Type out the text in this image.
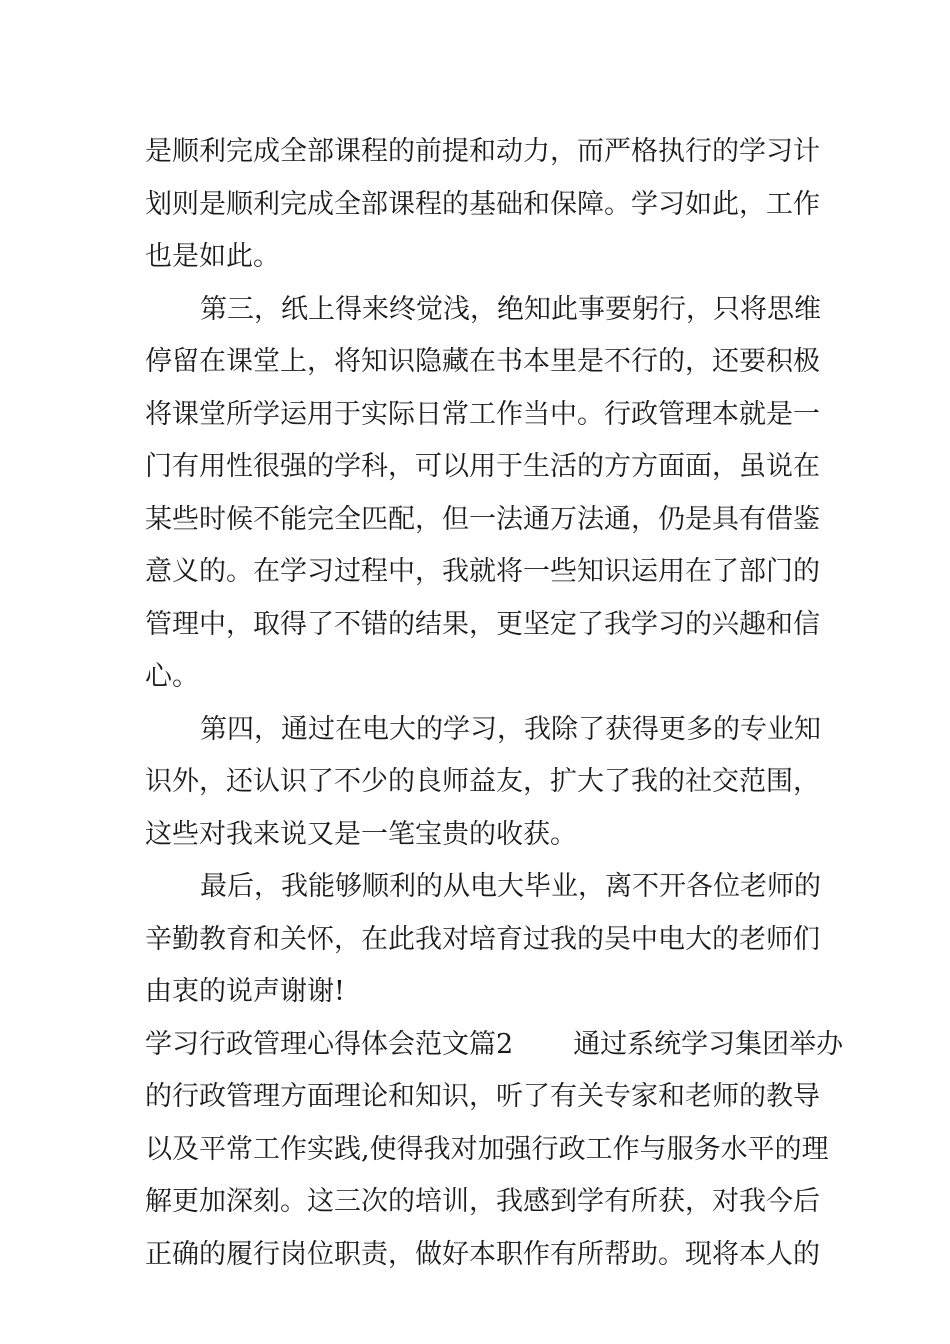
是顺利完成全部课程的前提和动力，而严格执行的学习计
划则是顺利完成全部课程的基础和保障。学习如此，工作
也是如此。
第三，纸上得来终觉浅，绝知此事要躬行，只将思维
停留在课堂上，将知识隐藏在书本里是不行的，还要积极
将课堂所学运用于实际日常工作当中。行政管理本就是一
门有用性很强的学科，可以用于生活的方方面面，虽说在
某些时候不能完全匹配，但一法通万法通，仍是具有借鉴
意义的。在学习过程中，我就将一些知识运用在了部门的
管理中，取得了不错的结果，更坚定了我学习的兴趣和信
心。
第四，通过在电大的学习，我除了获得更多的专业知
识外，还认识了不少的良师益友，扩大了我的社交范围，
这些对我来说又是一笔宝贵的收获。
最后，我能够顺利的从电大毕业，离不开各位老师的
辛勤教育和关怀，在此我对培育过我的吴中电大的老师们
由衷的说声谢谢!
学习行政管理心得体会范文篇2 通过系统学习集团举办
的行政管理方面理论和知识，听了有关专家和老师的教导
以及平常工作实践,使得我对加强行政工作与服务水平的理
解更加深刻。这三次的培训，我感到学有所获，对我今后
正确的履行岗位职责，做好本职作有所帮助。现将本人的
